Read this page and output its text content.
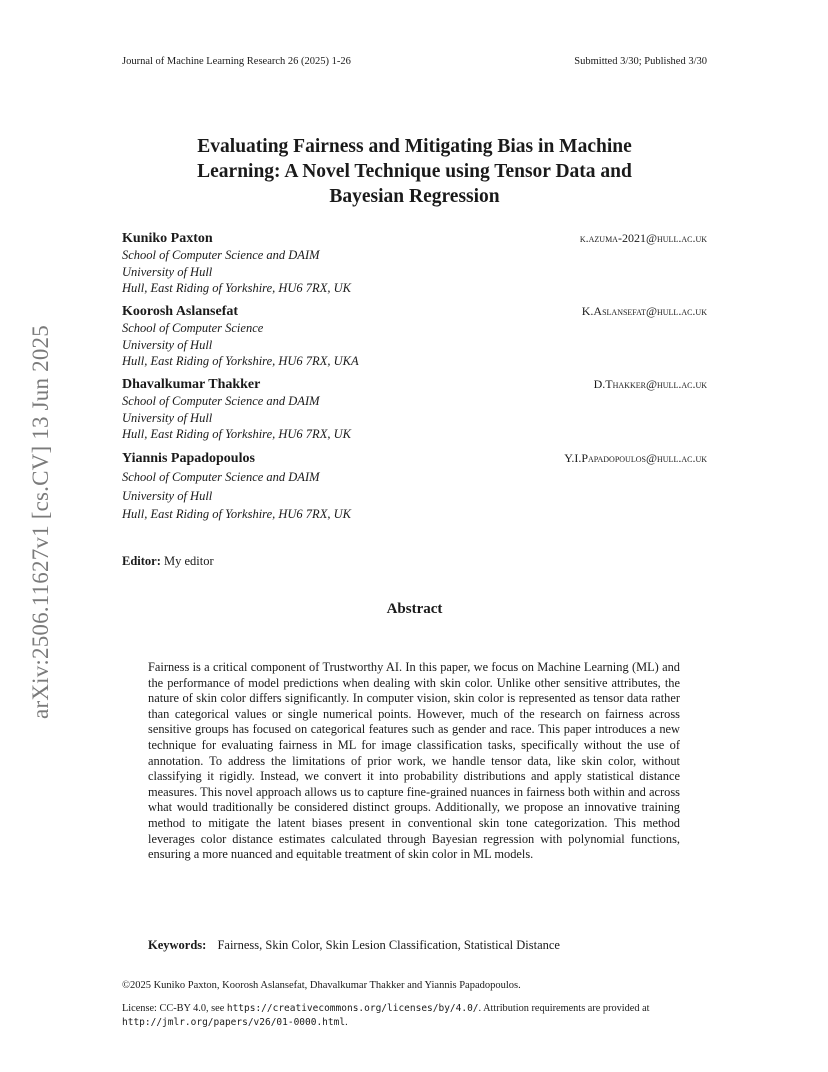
Journal of Machine Learning Research 26 (2025) 1-26	Submitted 3/30; Published 3/30
arXiv:2506.11627v1 [cs.CV] 13 Jun 2025
Evaluating Fairness and Mitigating Bias in Machine
Learning: A Novel Technique using Tensor Data and
Bayesian Regression
Kuniko Paxton	k.azuma-2021@hull.ac.uk
School of Computer Science and DAIM
University of Hull
Hull, East Riding of Yorkshire, HU6 7RX, UK
Koorosh Aslansefat	K.Aslansefat@hull.ac.uk
School of Computer Science
University of Hull
Hull, East Riding of Yorkshire, HU6 7RX, UKA
Dhavalkumar Thakker	D.Thakker@hull.ac.uk
School of Computer Science and DAIM
University of Hull
Hull, East Riding of Yorkshire, HU6 7RX, UK
Yiannis Papadopoulos	Y.I.Papadopoulos@hull.ac.uk
School of Computer Science and DAIM
University of Hull
Hull, East Riding of Yorkshire, HU6 7RX, UK
Editor: My editor
Abstract
Fairness is a critical component of Trustworthy AI. In this paper, we focus on Machine Learning (ML) and the performance of model predictions when dealing with skin color. Unlike other sensitive attributes, the nature of skin color differs significantly. In computer vision, skin color is represented as tensor data rather than categorical values or single numerical points. However, much of the research on fairness across sensitive groups has focused on categorical features such as gender and race. This paper introduces a new technique for evaluating fairness in ML for image classification tasks, specifically without the use of annotation. To address the limitations of prior work, we handle tensor data, like skin color, without classifying it rigidly. Instead, we convert it into probability distributions and apply statistical distance measures. This novel approach allows us to capture fine-grained nuances in fairness both within and across what would traditionally be considered distinct groups. Additionally, we propose an innovative training method to mitigate the latent biases present in conventional skin tone categorization. This method leverages color distance estimates calculated through Bayesian regression with polynomial functions, ensuring a more nuanced and equitable treatment of skin color in ML models.
Keywords: Fairness, Skin Color, Skin Lesion Classification, Statistical Distance
©2025 Kuniko Paxton, Koorosh Aslansefat, Dhavalkumar Thakker and Yiannis Papadopoulos.
License: CC-BY 4.0, see https://creativecommons.org/licenses/by/4.0/. Attribution requirements are provided at http://jmlr.org/papers/v26/01-0000.html.
